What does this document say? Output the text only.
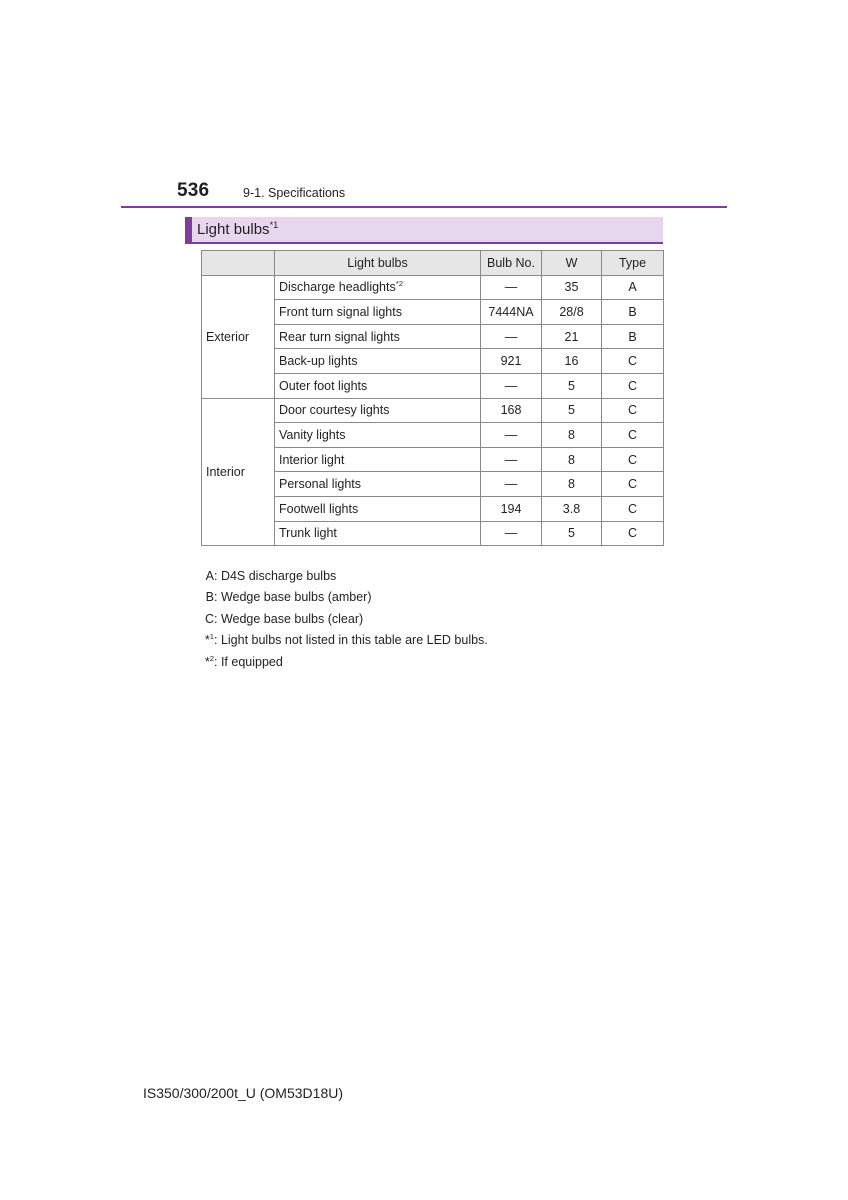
536	9-1. Specifications
Light bulbs$^{*1}$
	Light bulbs	Bulb No.	W	Type
Exterior	Discharge headlights$^{*2}$	—	35	A
	Front turn signal lights	7444NA	28/8	B
	Rear turn signal lights	—	21	B
	Back-up lights	921	16	C
	Outer foot lights	—	5	C
Interior	Door courtesy lights	168	5	C
	Vanity lights	—	8	C
	Interior light	—	8	C
	Personal lights	—	8	C
	Footwell lights	194	3.8	C
	Trunk light	—	5	C
A: D4S discharge bulbs
B: Wedge base bulbs (amber)
C: Wedge base bulbs (clear)
*$^1$: Light bulbs not listed in this table are LED bulbs.
*$^2$: If equipped
IS350/300/200t_U (OM53D18U)
